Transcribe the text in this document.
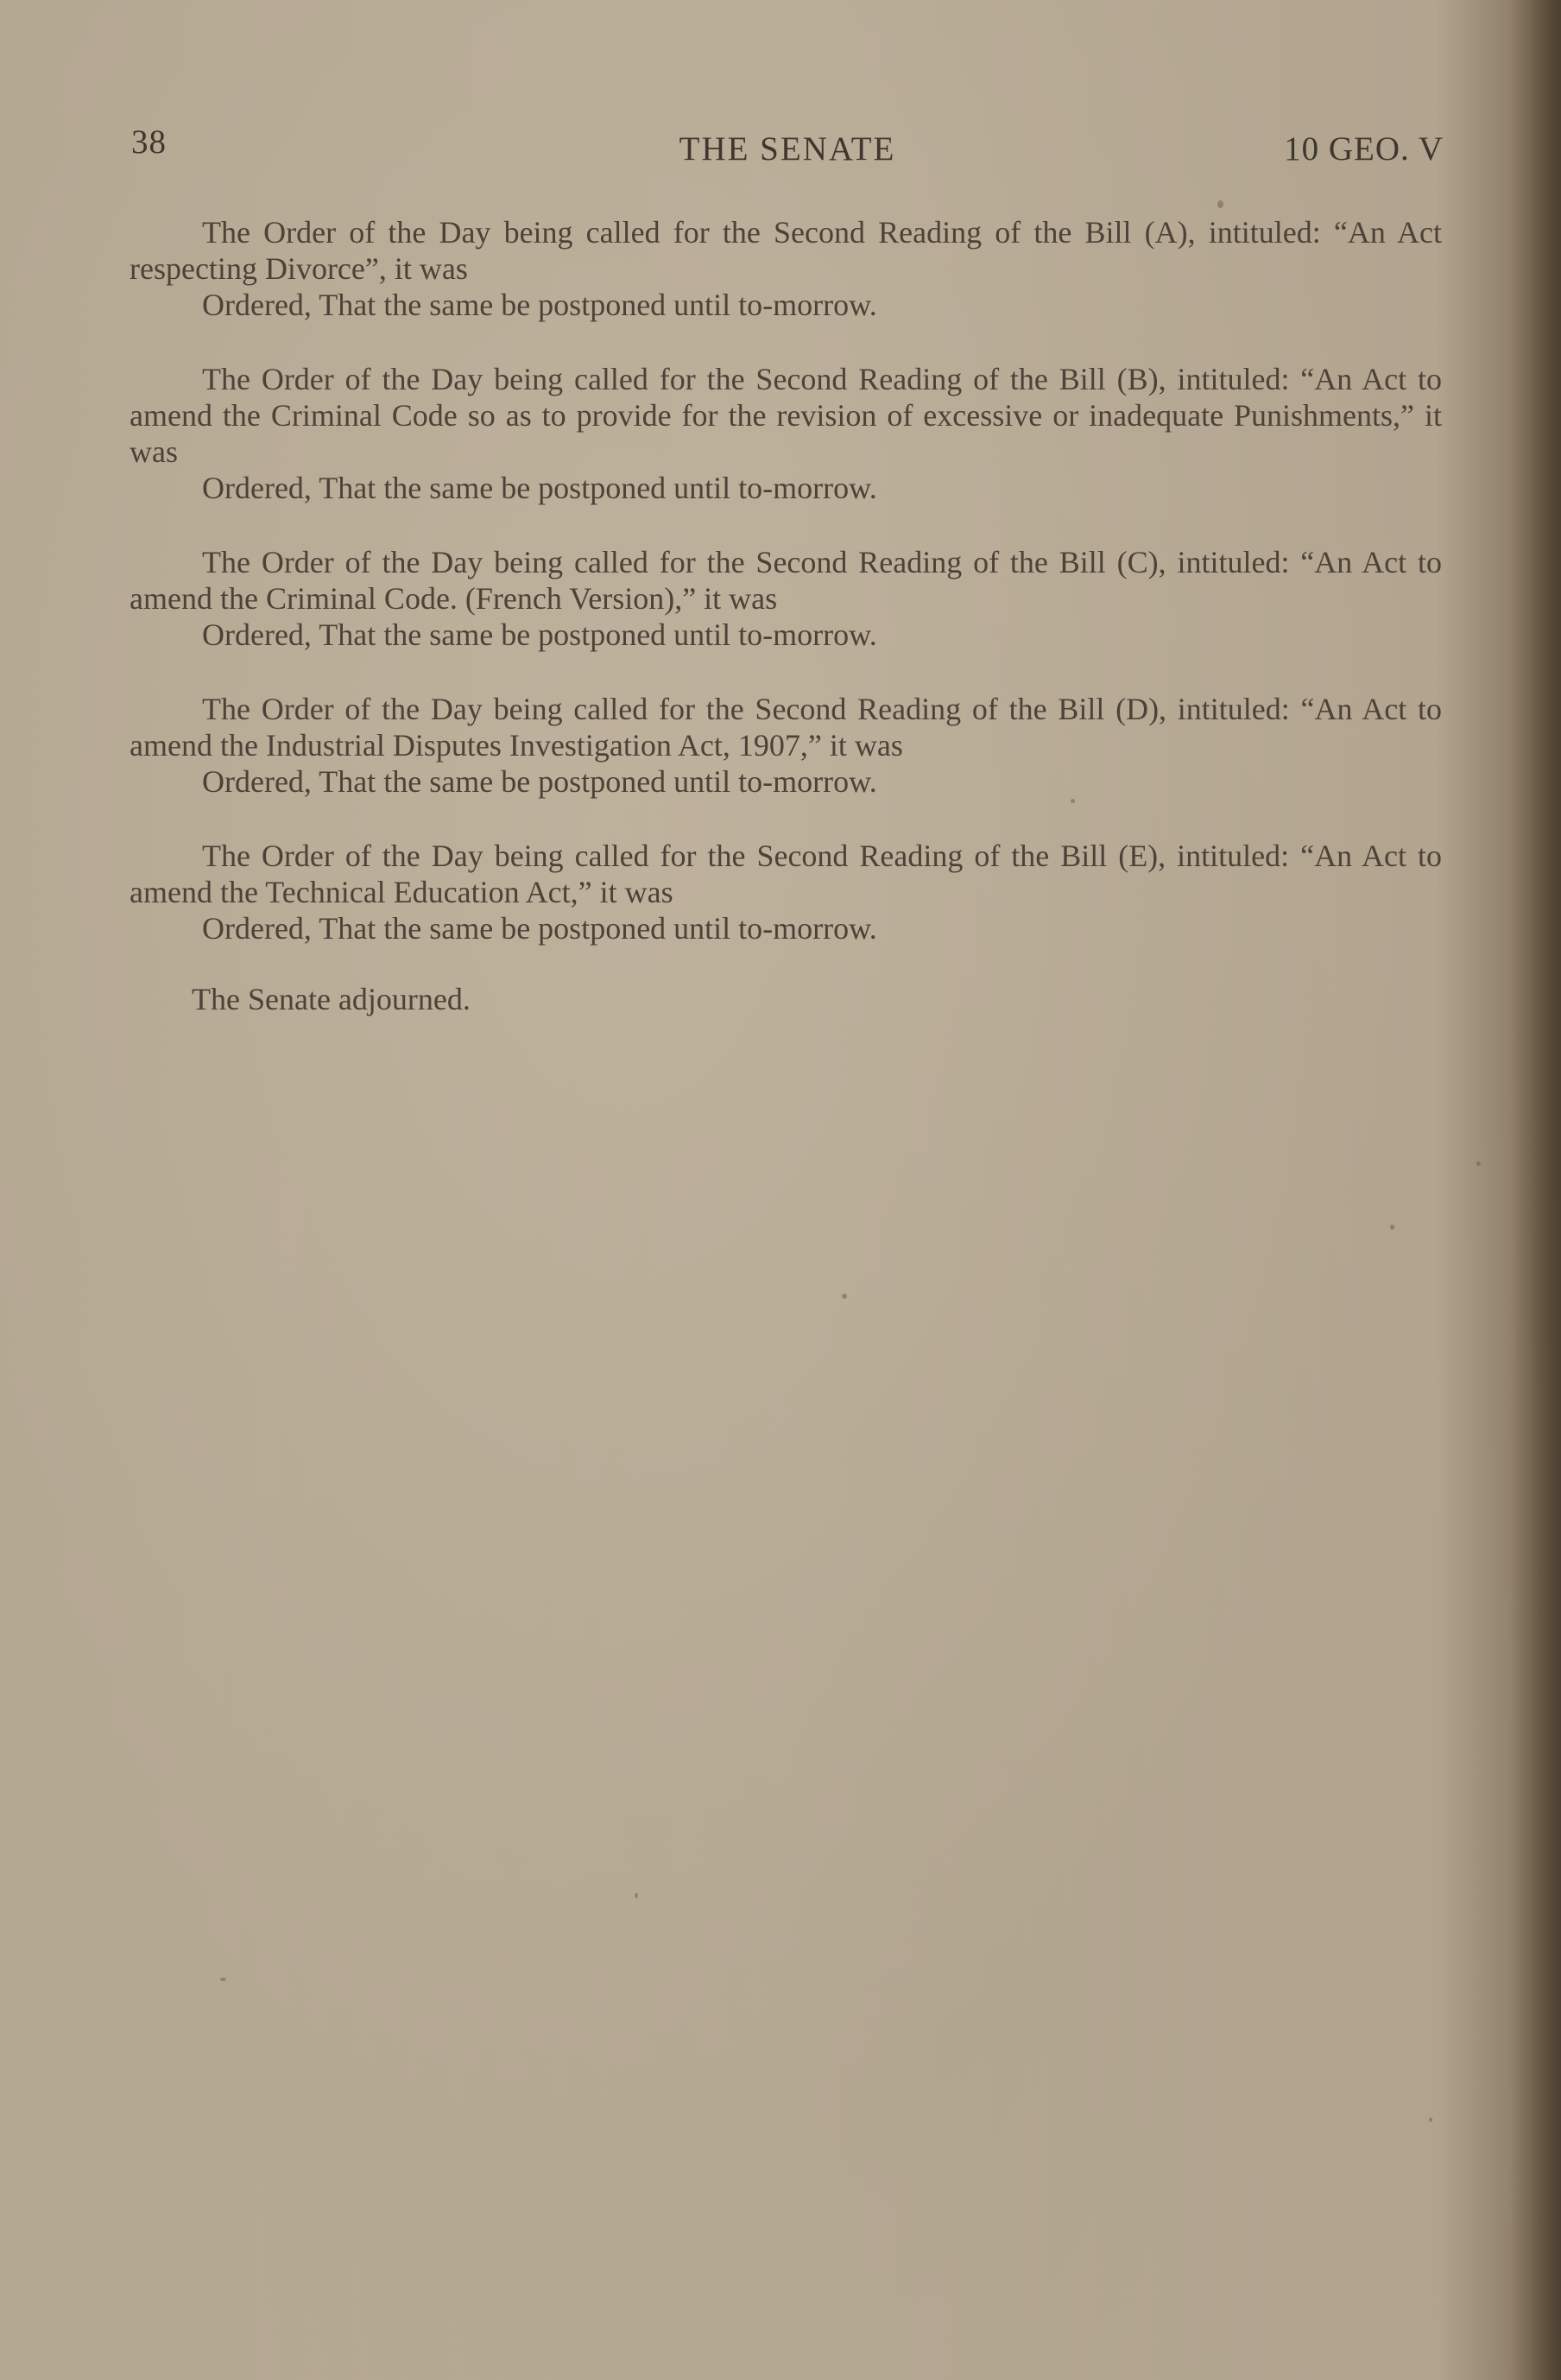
38	THE SENATE	10 GEO. V

The Order of the Day being called for the Second Reading of the Bill (A), intituled: “An Act respecting Divorce”, it was

Ordered, That the same be postponed until to-morrow.

The Order of the Day being called for the Second Reading of the Bill (B), intituled: “An Act to amend the Criminal Code so as to provide for the revision of excessive or inadequate Punishments,” it was

Ordered, That the same be postponed until to-morrow.

The Order of the Day being called for the Second Reading of the Bill (C), intituled: “An Act to amend the Criminal Code. (French Version),” it was

Ordered, That the same be postponed until to-morrow.

The Order of the Day being called for the Second Reading of the Bill (D), intituled: “An Act to amend the Industrial Disputes Investigation Act, 1907,” it was

Ordered, That the same be postponed until to-morrow.

The Order of the Day being called for the Second Reading of the Bill (E), intituled: “An Act to amend the Technical Education Act,” it was

Ordered, That the same be postponed until to-morrow.

The Senate adjourned.
